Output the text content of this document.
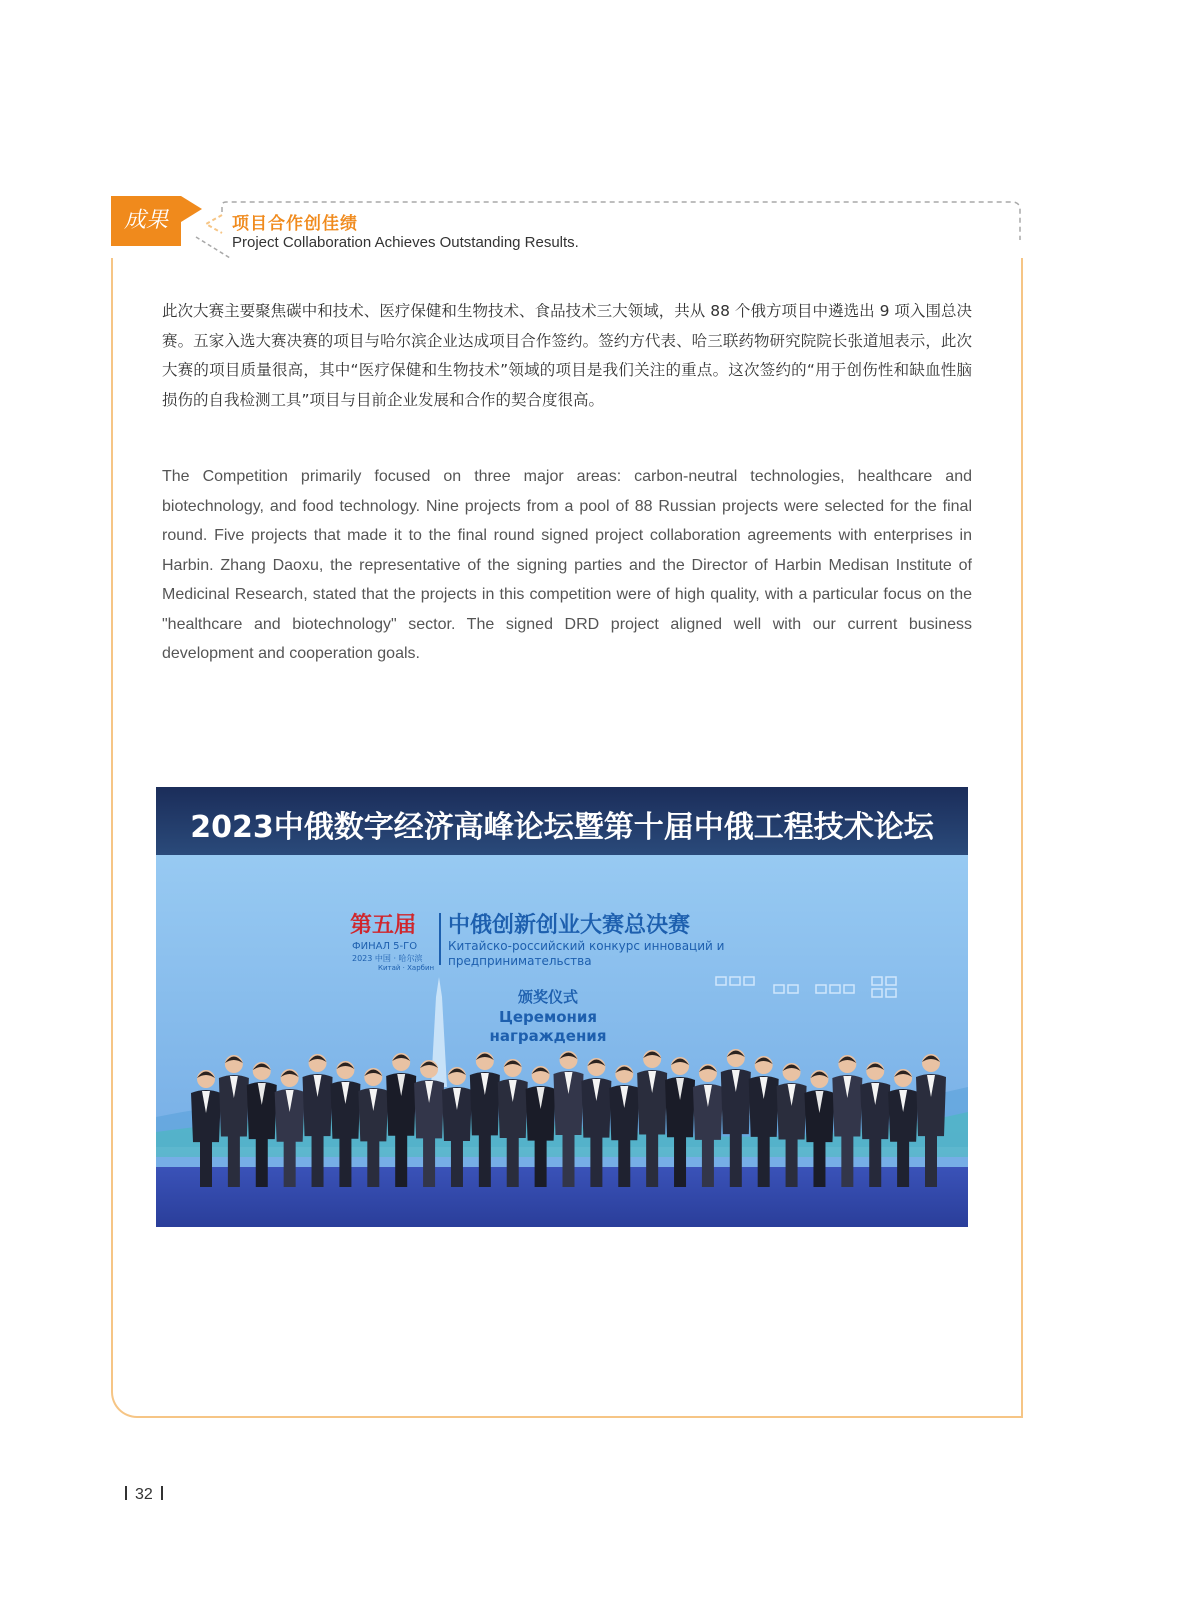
成果	项目合作创佳绩

Project Collaboration Achieves Outstanding Results.

此次大赛主要聚焦碳中和技术、医疗保健和生物技术、食品技术三大领域，共从 88 个俄方项目中遴选出 9 项入围总决赛。五家入选大赛决赛的项目与哈尔滨企业达成项目合作签约。签约方代表、哈三联药物研究院院长张道旭表示，此次大赛的项目质量很高，其中“医疗保健和生物技术”领域的项目是我们关注的重点。这次签约的“用于创伤性和缺血性脑损伤的自我检测工具”项目与目前企业发展和合作的契合度很高。

The Competition primarily focused on three major areas: carbon-neutral technologies, healthcare and biotechnology, and food technology. Nine projects from a pool of 88 Russian projects were selected for the final round. Five projects that made it to the final round signed project collaboration agreements with enterprises in Harbin. Zhang Daoxu, the representative of the signing parties and the Director of Harbin Medisan Institute of Medicinal Research, stated that the projects in this competition were of high quality, with a particular focus on the "healthcare and biotechnology" sector. The signed DRD project aligned well with our current business development and cooperation goals.

2023中俄数字经济高峰论坛暨第十届中俄工程技术论坛
第五届 中俄创新创业大赛总决赛
ФИНАЛ 5-ГО
2023 中国 · 哈尔滨
Китай · Харбин
Китайско-российский конкурс инноваций и
предпринимательства
颁奖仪式
Церемония
награждения
32
